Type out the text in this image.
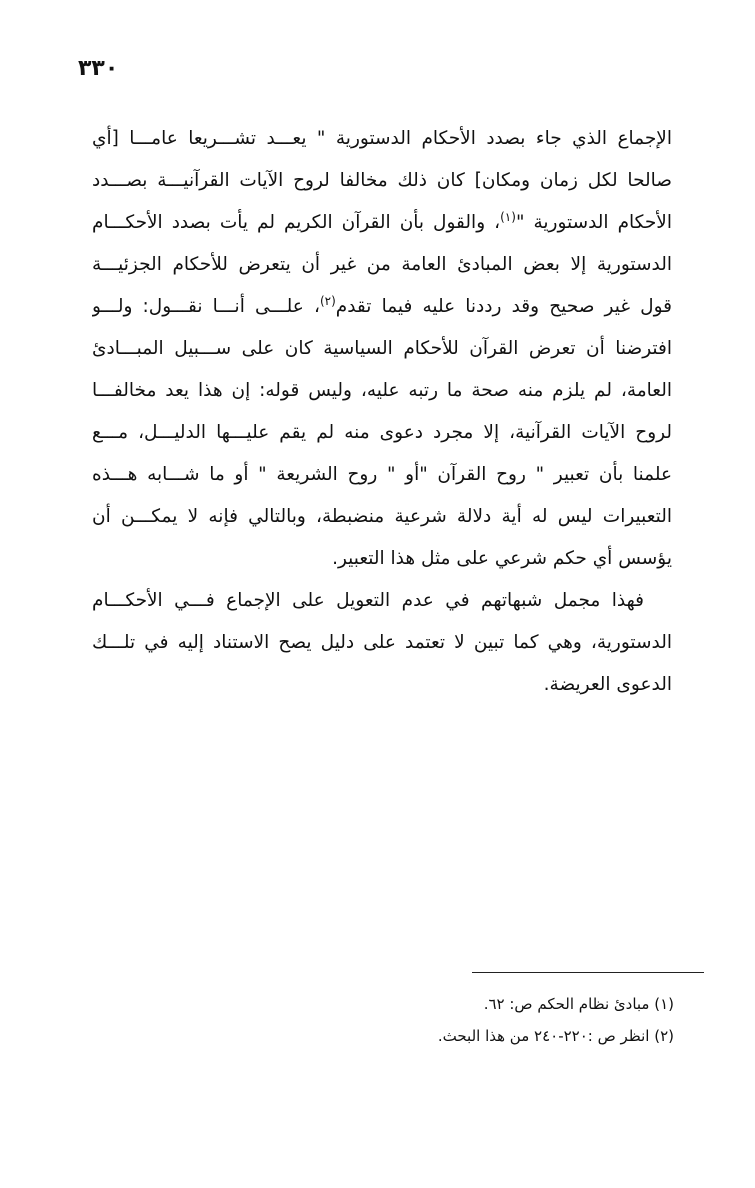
٣٣٠
الإجماع الذي جاء بصدد الأحكام الدستورية " يعـــد تشـــريعا عامـــا [أي
صالحا لكل زمان ومكان] كان ذلك مخالفا لروح الآيات القرآنيـــة بصـــدد
الأحكام الدستورية "$^{(١)}$، والقول بأن القرآن الكريم لم يأت بصدد الأحكـــام
الدستورية إلا بعض المبادئ العامة من غير أن يتعرض للأحكام الجزئيـــة
قول غير صحيح وقد رددنا عليه فيما تقدم$^{(٢)}$، علـــى أنـــا نقـــول: ولـــو
افترضنا أن تعرض القرآن للأحكام السياسية كان على ســـبيل المبـــادئ
العامة، لم يلزم منه صحة ما رتبه عليه، وليس قوله: إن هذا يعد مخالفـــا
لروح الآيات القرآنية، إلا مجرد دعوى منه لم يقم عليـــها الدليـــل، مـــع
علمنا بأن تعبير " روح القرآن "أو " روح الشريعة " أو ما شـــابه هـــذه
التعبيرات ليس له أية دلالة شرعية منضبطة، وبالتالي فإنه لا يمكـــن أن
يؤسس أي حكم شرعي على مثل هذا التعبير.
فهذا مجمل شبهاتهم في عدم التعويل على الإجماع فـــي الأحكـــام
الدستورية، وهي كما تبين لا تعتمد على دليل يصح الاستناد إليه في تلـــك
الدعوى العريضة.
(١) مبادئ نظام الحكم ص: ٦٢.
(٢) انظر ص :٢٢٠-٢٤٠ من هذا البحث.
